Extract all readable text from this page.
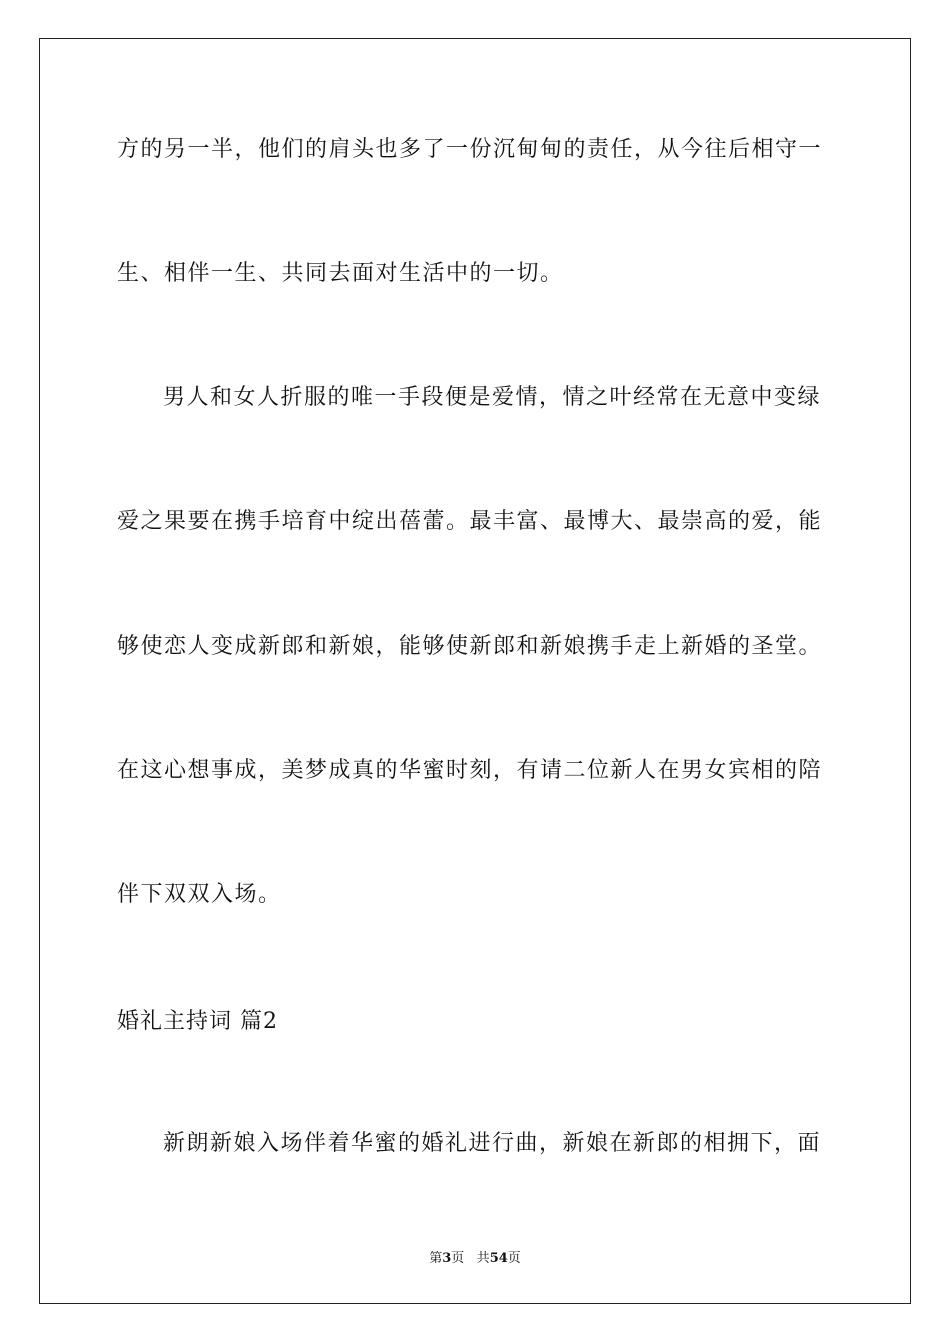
方的另一半，他们的肩头也多了一份沉甸甸的责任，从今往后相守一

生、相伴一生、共同去面对生活中的一切。

男人和女人折服的唯一手段便是爱情，情之叶经常在无意中变绿

爱之果要在携手培育中绽出蓓蕾。最丰富、最博大、最崇高的爱，能

够使恋人变成新郎和新娘，能够使新郎和新娘携手走上新婚的圣堂。

在这心想事成，美梦成真的华蜜时刻，有请二位新人在男女宾相的陪

伴下双双入场。

婚礼主持词 篇2

新朗新娘入场伴着华蜜的婚礼进行曲，新娘在新郎的相拥下，面

第3页 共54页
